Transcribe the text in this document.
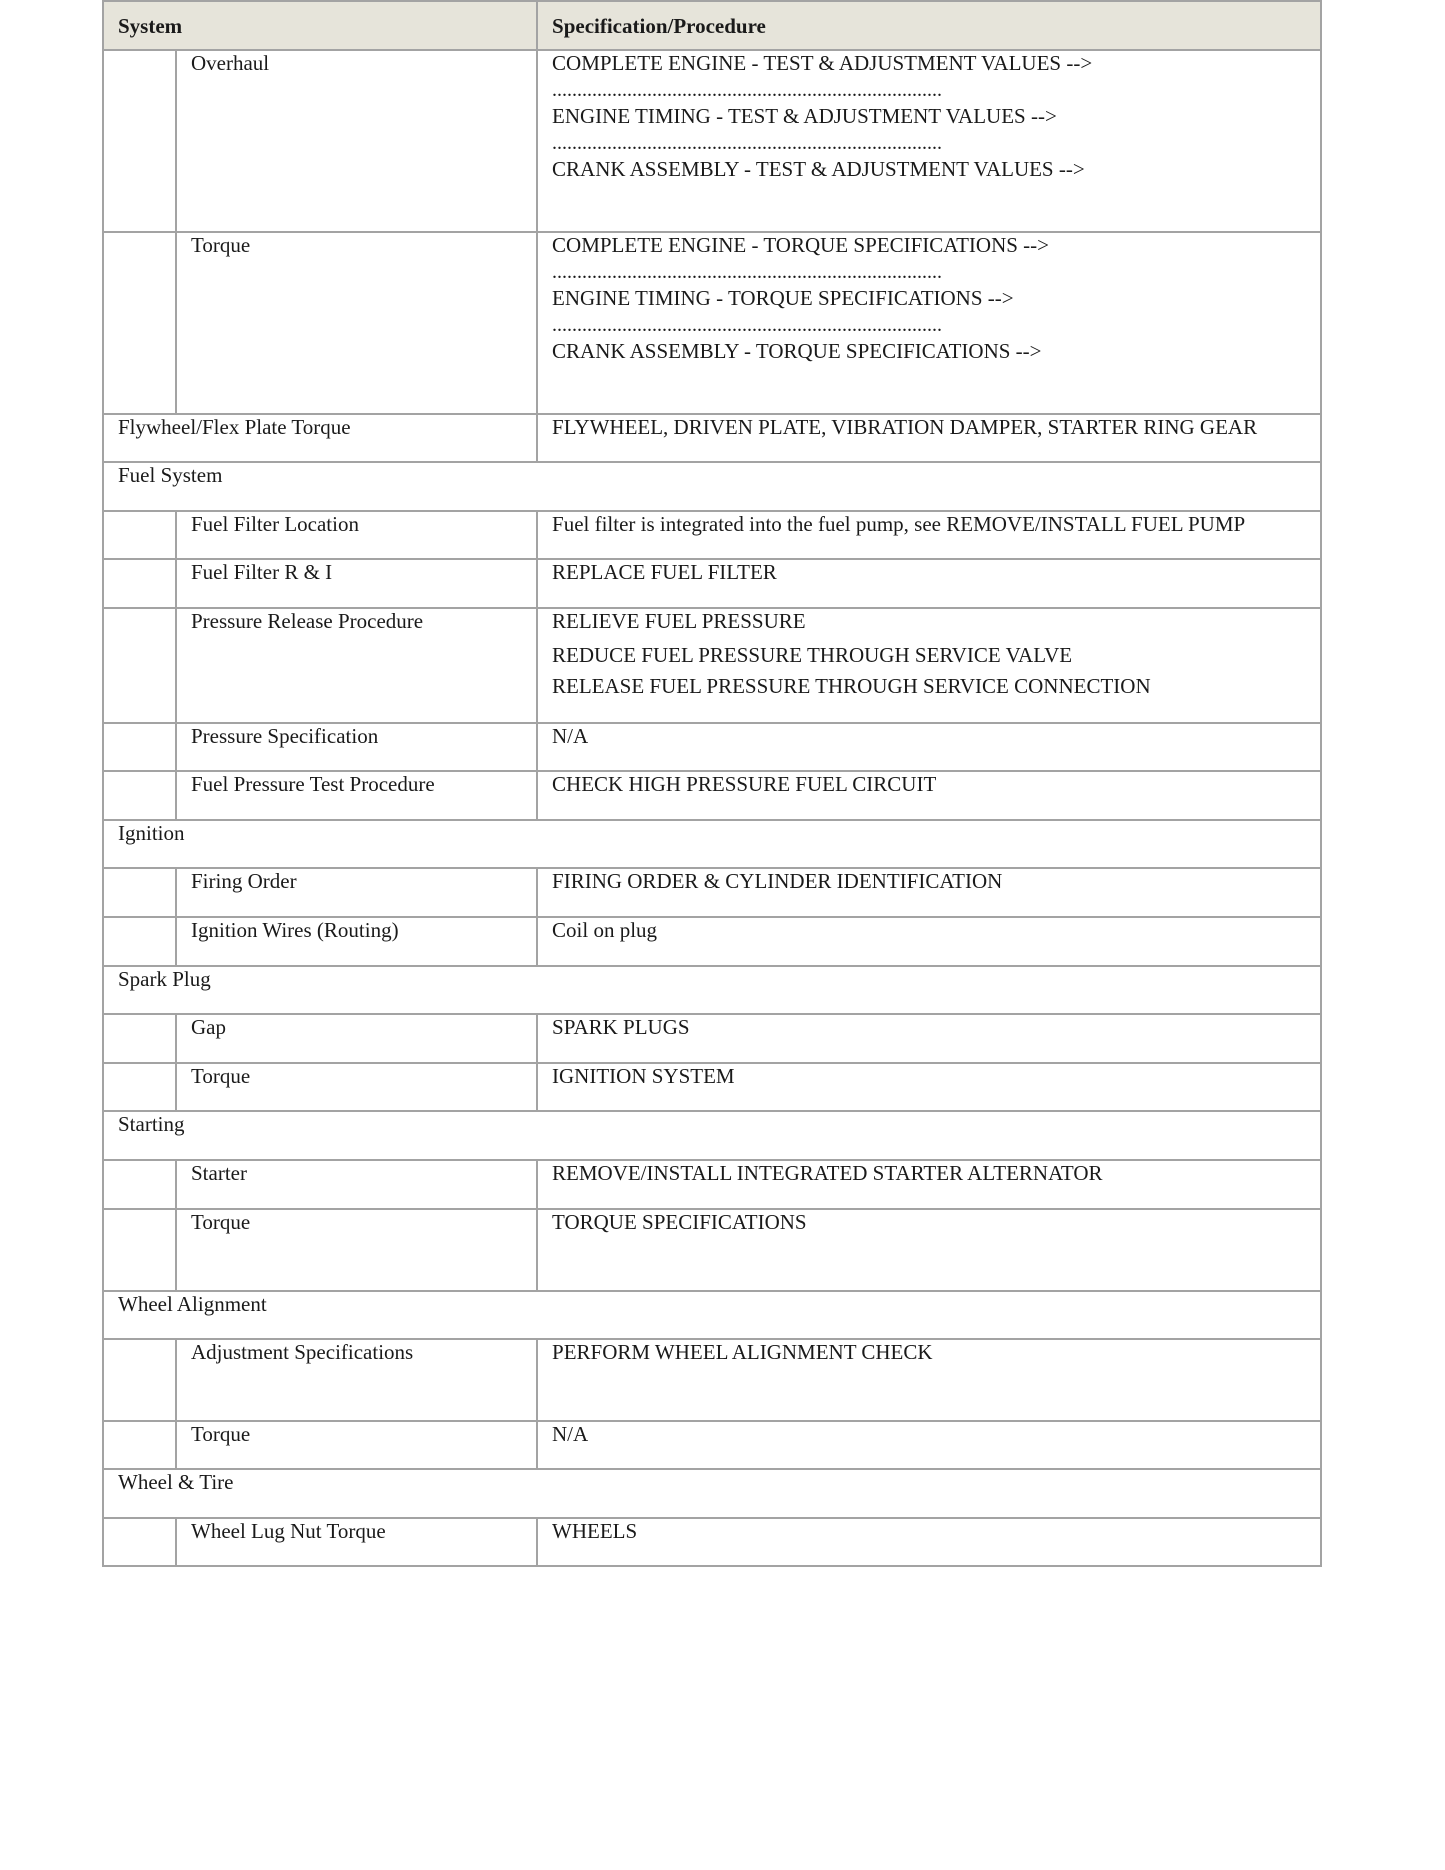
System		Specification/Procedure
	Overhaul	COMPLETE ENGINE - TEST & ADJUSTMENT VALUES -->
..............................................................................
ENGINE TIMING - TEST & ADJUSTMENT VALUES -->
..............................................................................
CRANK ASSEMBLY - TEST & ADJUSTMENT VALUES -->

	Torque	COMPLETE ENGINE - TORQUE SPECIFICATIONS -->
..............................................................................
ENGINE TIMING - TORQUE SPECIFICATIONS -->
..............................................................................
CRANK ASSEMBLY - TORQUE SPECIFICATIONS -->

Flywheel/Flex Plate Torque		FLYWHEEL, DRIVEN PLATE, VIBRATION DAMPER, STARTER RING GEAR
Fuel System		
	Fuel Filter Location	Fuel filter is integrated into the fuel pump, see REMOVE/INSTALL FUEL PUMP
	Fuel Filter R & I	REPLACE FUEL FILTER
	Pressure Release Procedure	RELIEVE FUEL PRESSURE
REDUCE FUEL PRESSURE THROUGH SERVICE VALVE
RELEASE FUEL PRESSURE THROUGH SERVICE CONNECTION

	Pressure Specification	N/A
	Fuel Pressure Test Procedure	CHECK HIGH PRESSURE FUEL CIRCUIT
Ignition		
	Firing Order	FIRING ORDER & CYLINDER IDENTIFICATION
	Ignition Wires (Routing)	Coil on plug
Spark Plug		
	Gap	SPARK PLUGS
	Torque	IGNITION SYSTEM
Starting		
	Starter	REMOVE/INSTALL INTEGRATED STARTER ALTERNATOR
	Torque	TORQUE SPECIFICATIONS
Wheel Alignment		
	Adjustment Specifications	PERFORM WHEEL ALIGNMENT CHECK
	Torque	N/A
Wheel & Tire		
	Wheel Lug Nut Torque	WHEELS
